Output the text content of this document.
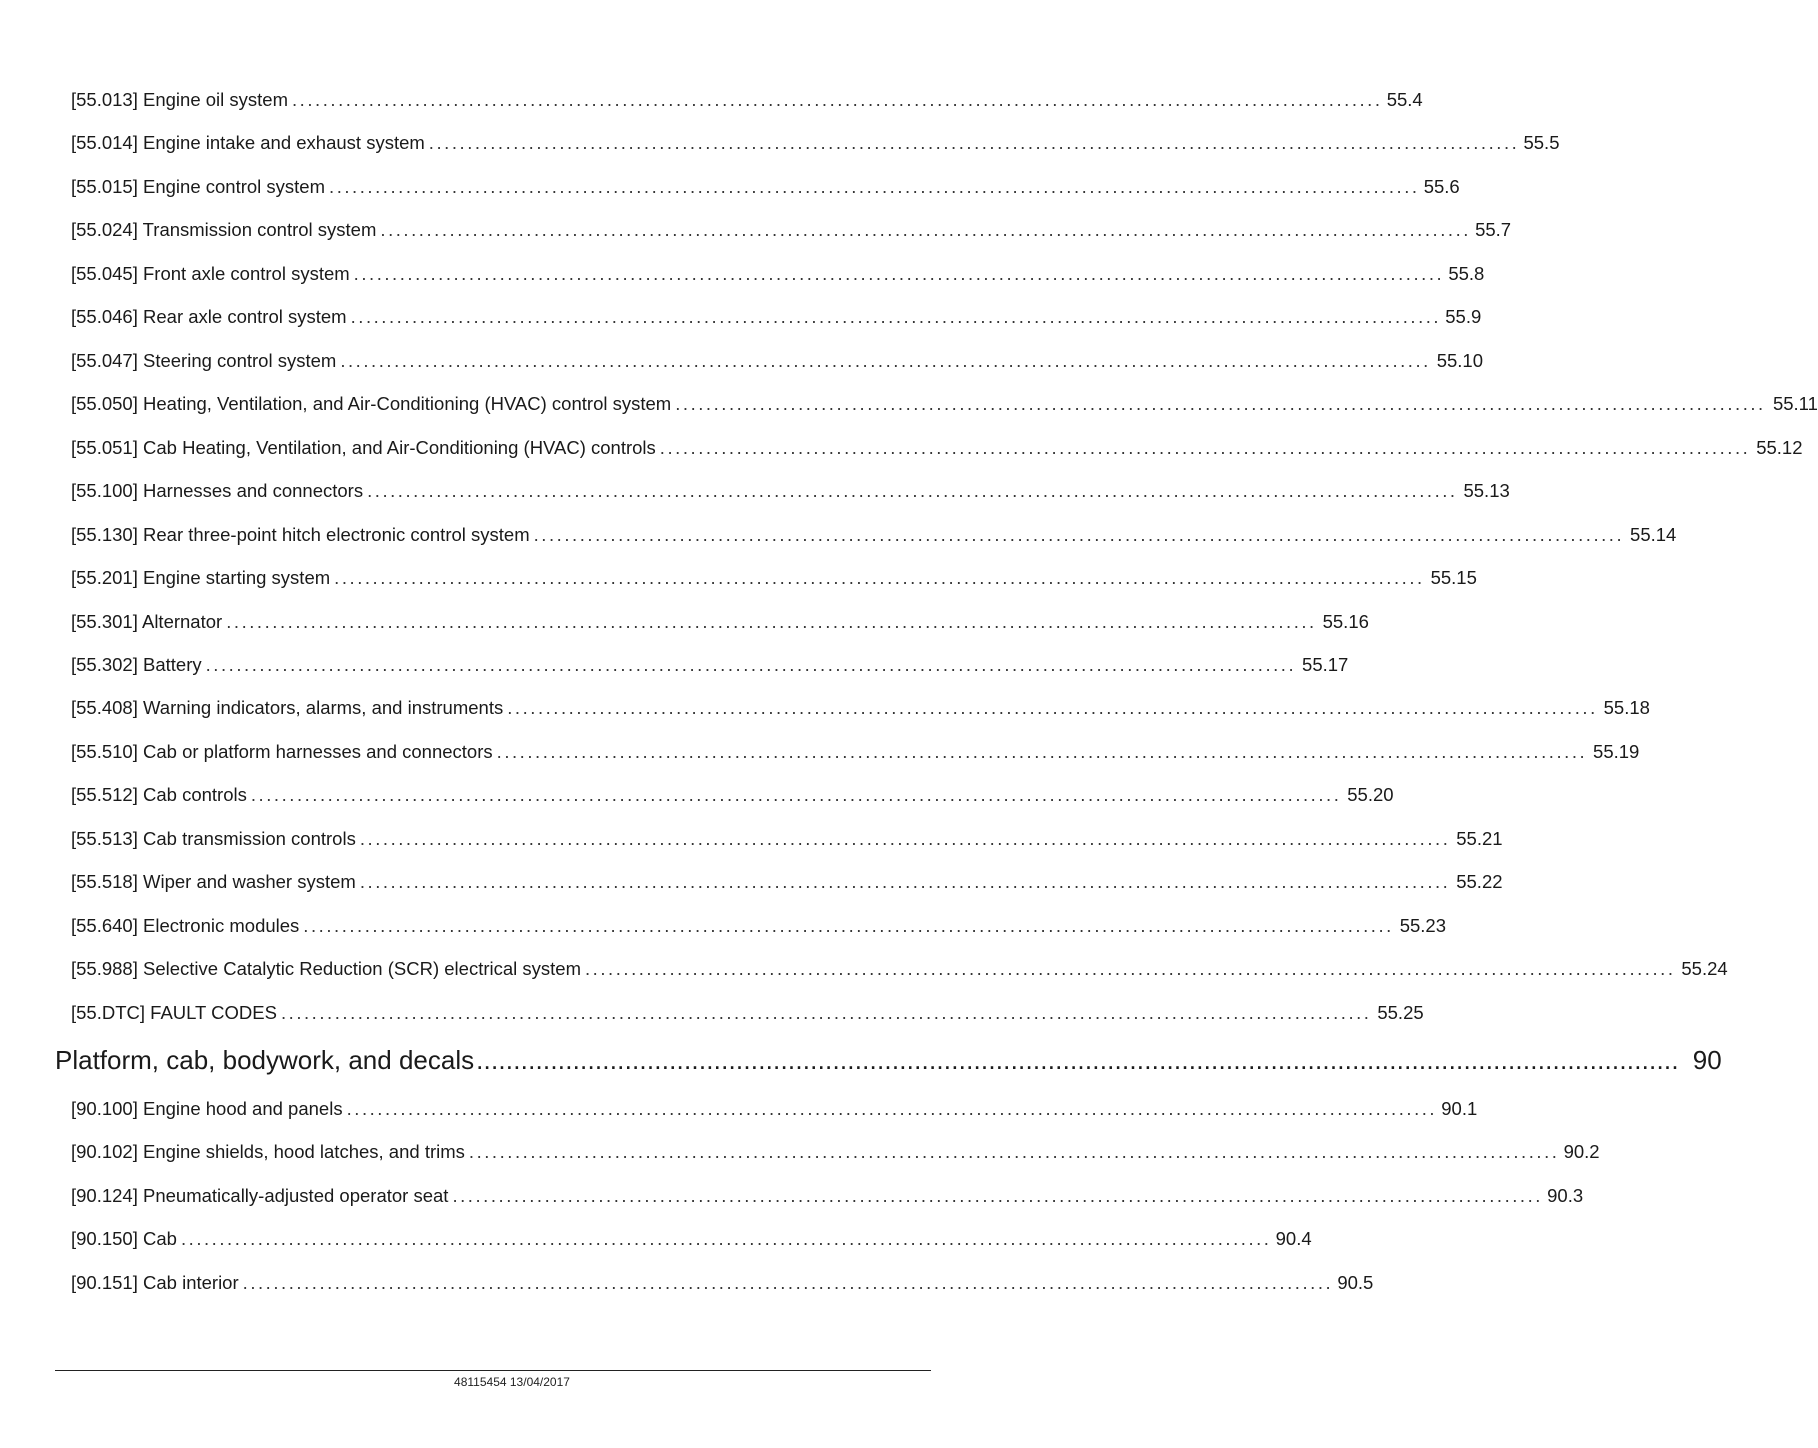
[55.013] Engine oil system . . .	55.4
[55.014] Engine intake and exhaust system . . .	55.5
[55.015] Engine control system . . .	55.6
[55.024] Transmission control system . . .	55.7
[55.045] Front axle control system . . .	55.8
[55.046] Rear axle control system . . .	55.9
[55.047] Steering control system . . .	55.10
[55.050] Heating, Ventilation, and Air-Conditioning (HVAC) control system . . .	55.11
[55.051] Cab Heating, Ventilation, and Air-Conditioning (HVAC) controls . . .	55.12
[55.100] Harnesses and connectors . . .	55.13
[55.130] Rear three-point hitch electronic control system . . .	55.14
[55.201] Engine starting system . . .	55.15
[55.301] Alternator . . .	55.16
[55.302] Battery . . .	55.17
[55.408] Warning indicators, alarms, and instruments . . .	55.18
[55.510] Cab or platform harnesses and connectors . . .	55.19
[55.512] Cab controls . . .	55.20
[55.513] Cab transmission controls . . .	55.21
[55.518] Wiper and washer system . . .	55.22
[55.640] Electronic modules . . .	55.23
[55.988] Selective Catalytic Reduction (SCR) electrical system . . .	55.24
[55.DTC] FAULT CODES . . .	55.25
Platform, cab, bodywork, and decals .....	90
[90.100] Engine hood and panels . . .	90.1
[90.102] Engine shields, hood latches, and trims . . .	90.2
[90.124] Pneumatically-adjusted operator seat . . .	90.3
[90.150] Cab . . .	90.4
[90.151] Cab interior . . .	90.5
48115454 13/04/2017
